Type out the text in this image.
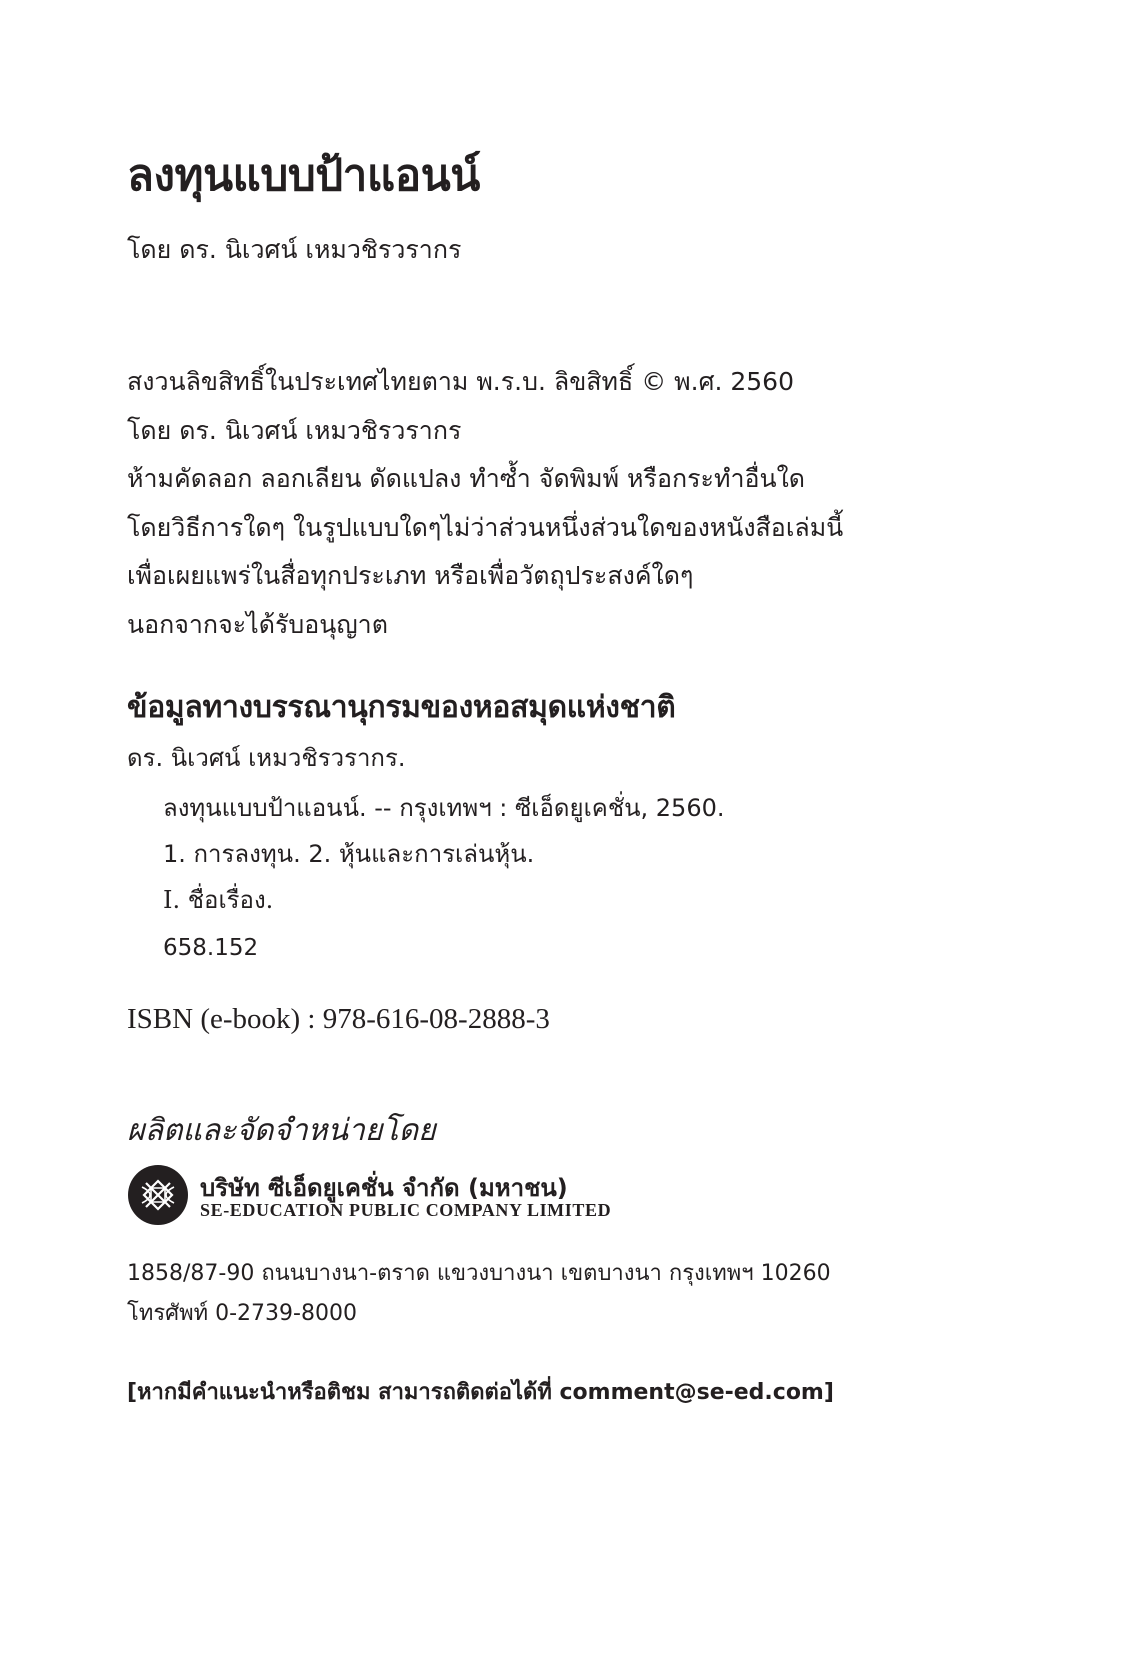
ลงทุนแบบป้าแอนน์
โดย ดร. นิเวศน์ เหมวชิรวรากร
สงวนลิขสิทธิ์ในประเทศไทยตาม พ.ร.บ. ลิขสิทธิ์ © พ.ศ. 2560
โดย ดร. นิเวศน์ เหมวชิรวรากร
ห้ามคัดลอก ลอกเลียน ดัดแปลง ทำซ้ำ จัดพิมพ์ หรือกระทำอื่นใด
โดยวิธีการใดๆ ในรูปแบบใดๆไม่ว่าส่วนหนึ่งส่วนใดของหนังสือเล่มนี้
เพื่อเผยแพร่ในสื่อทุกประเภท หรือเพื่อวัตถุประสงค์ใดๆ
นอกจากจะได้รับอนุญาต
ข้อมูลทางบรรณานุกรมของหอสมุดแห่งชาติ
ดร. นิเวศน์ เหมวชิรวรากร.
ลงทุนแบบป้าแอนน์. -- กรุงเทพฯ : ซีเอ็ดยูเคชั่น, 2560.
1. การลงทุน. 2. หุ้นและการเล่นหุ้น.
I. ชื่อเรื่อง.
658.152
ISBN (e-book) : 978-616-08-2888-3
ผลิตและจัดจำหน่ายโดย
บริษัท ซีเอ็ดยูเคชั่น จำกัด (มหาชน)
SE-EDUCATION PUBLIC COMPANY LIMITED
1858/87-90 ถนนบางนา-ตราด แขวงบางนา เขตบางนา กรุงเทพฯ 10260
โทรศัพท์ 0-2739-8000
[หากมีคำแนะนำหรือติชม สามารถติดต่อได้ที่ comment@se-ed.com]
